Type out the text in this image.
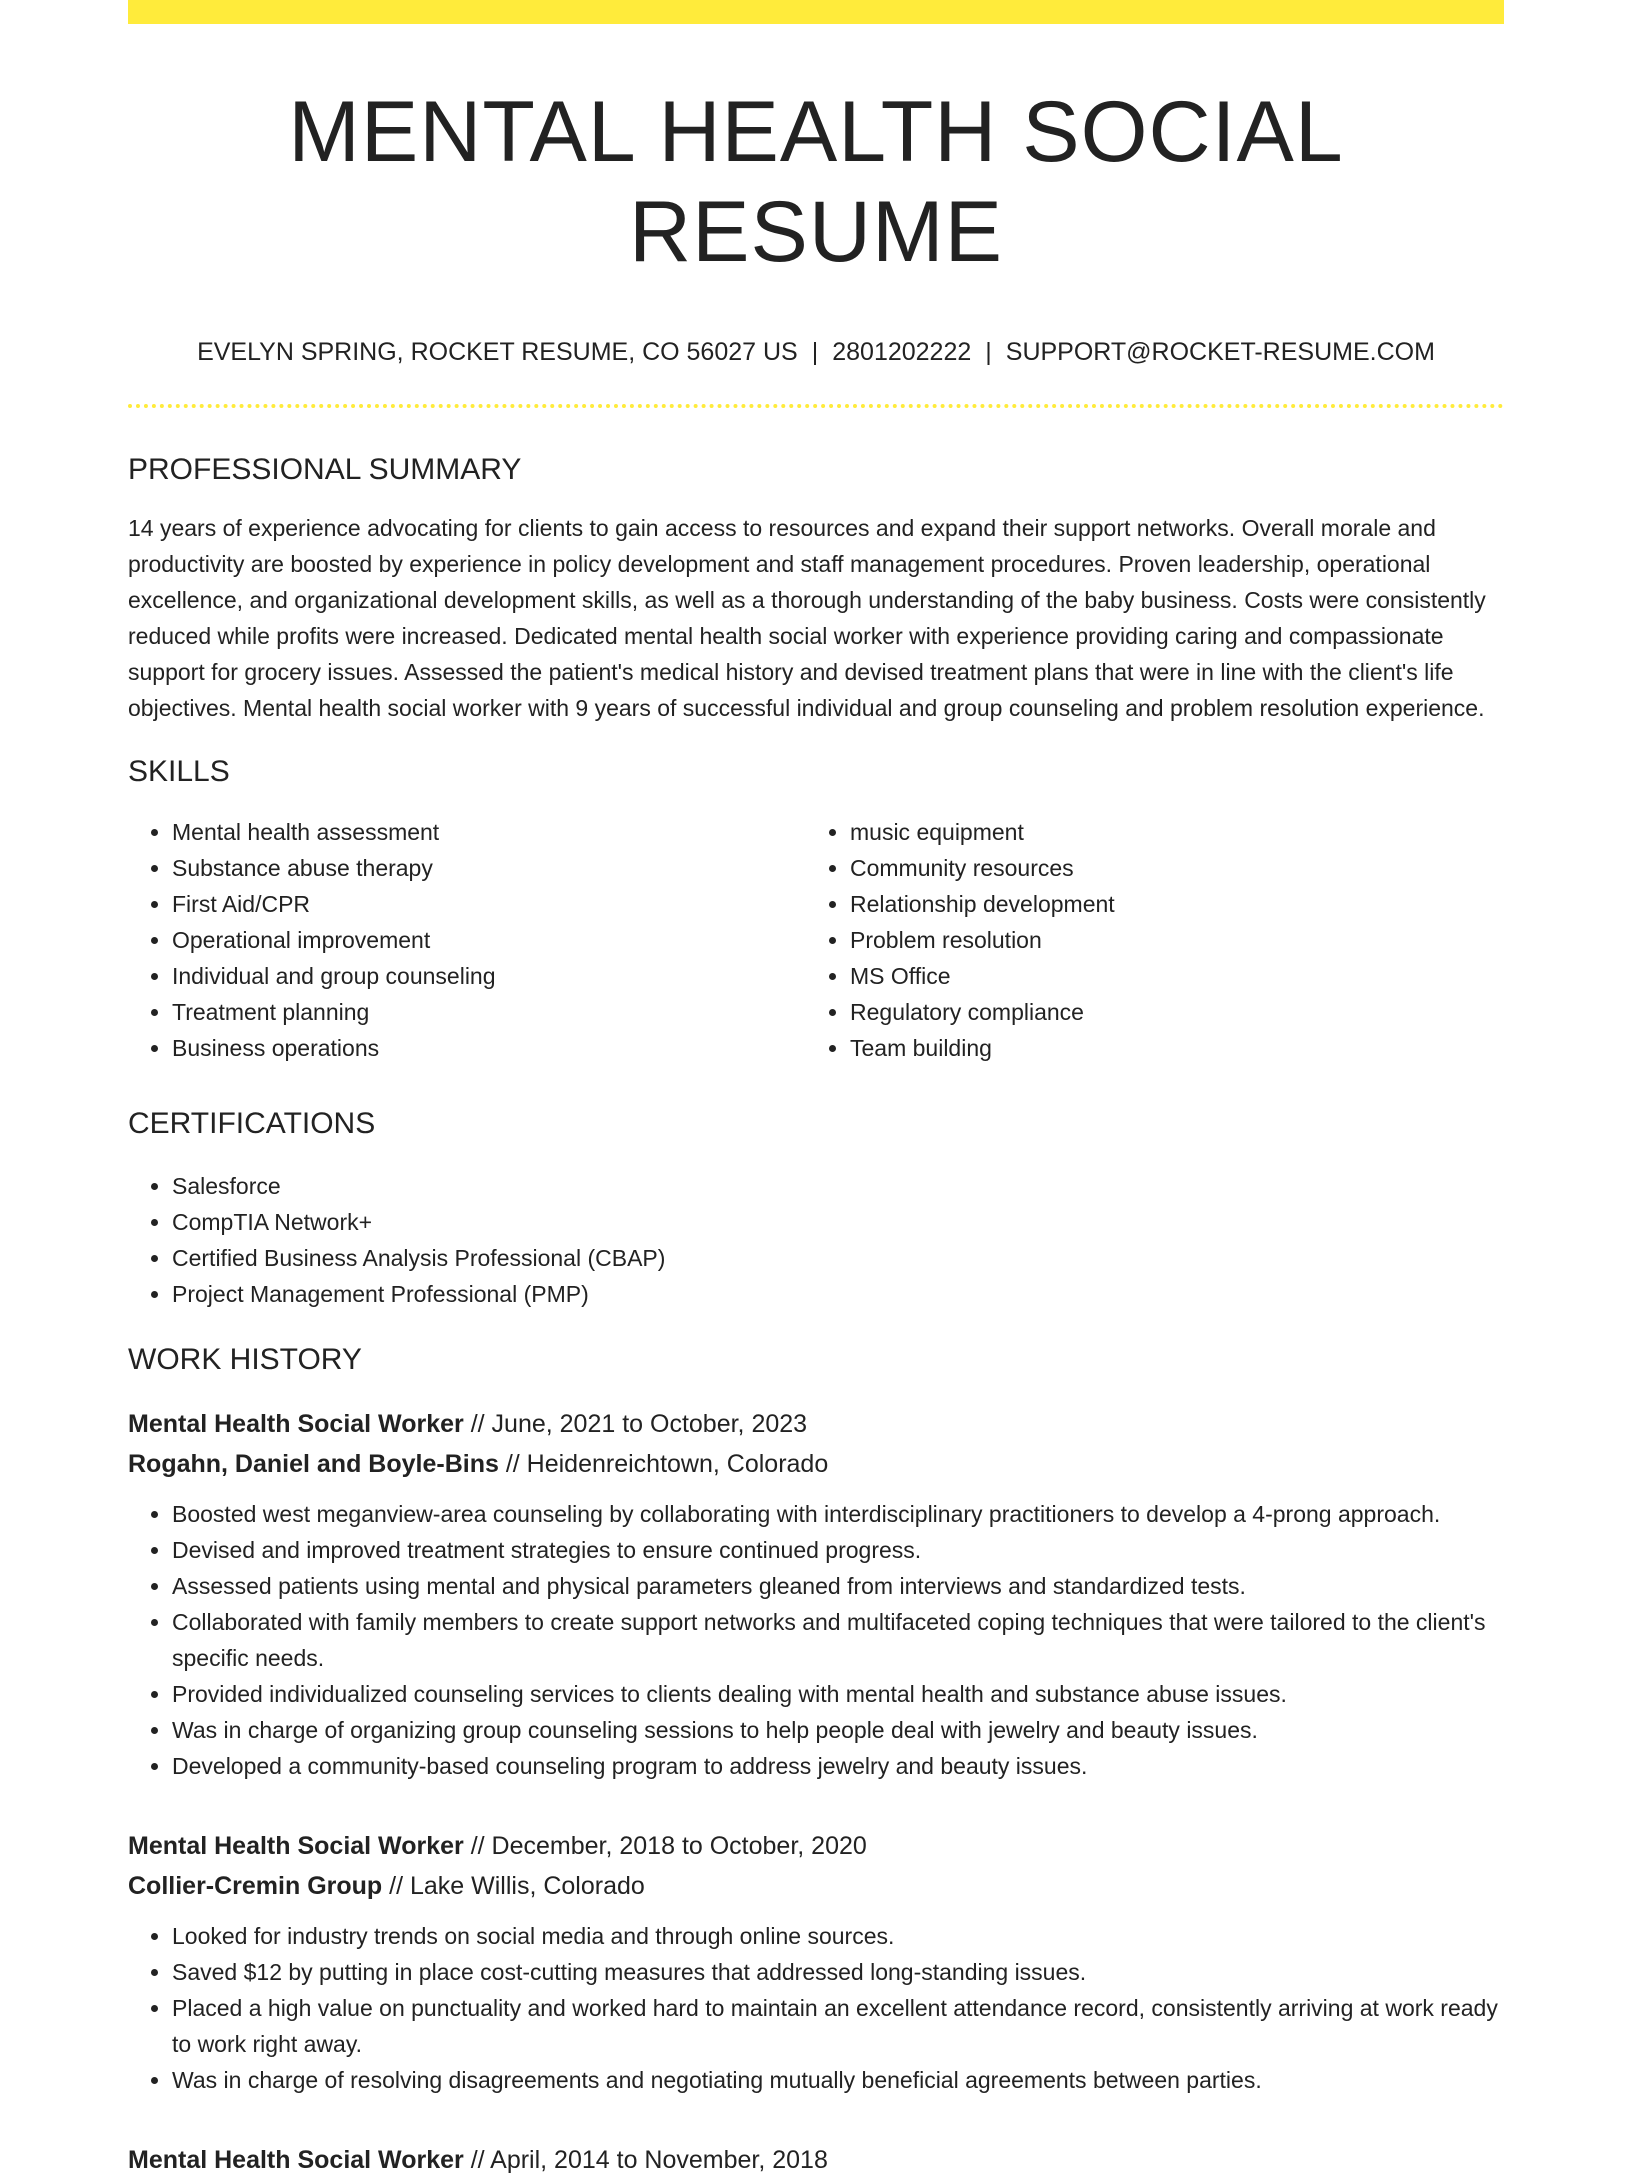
MENTAL HEALTH SOCIAL RESUME
EVELYN SPRING, ROCKET RESUME, CO 56027 US | 2801202222 | SUPPORT@ROCKET-RESUME.COM
PROFESSIONAL SUMMARY
14 years of experience advocating for clients to gain access to resources and expand their support networks. Overall morale and productivity are boosted by experience in policy development and staff management procedures. Proven leadership, operational excellence, and organizational development skills, as well as a thorough understanding of the baby business. Costs were consistently reduced while profits were increased. Dedicated mental health social worker with experience providing caring and compassionate support for grocery issues. Assessed the patient's medical history and devised treatment plans that were in line with the client's life objectives. Mental health social worker with 9 years of successful individual and group counseling and problem resolution experience.
SKILLS
• Mental health assessment
• Substance abuse therapy
• First Aid/CPR
• Operational improvement
• Individual and group counseling
• Treatment planning
• Business operations
• music equipment
• Community resources
• Relationship development
• Problem resolution
• MS Office
• Regulatory compliance
• Team building
CERTIFICATIONS
• Salesforce
• CompTIA Network+
• Certified Business Analysis Professional (CBAP)
• Project Management Professional (PMP)
WORK HISTORY
Mental Health Social Worker // June, 2021 to October, 2023
Rogahn, Daniel and Boyle-Bins // Heidenreichtown, Colorado
• Boosted west meganview-area counseling by collaborating with interdisciplinary practitioners to develop a 4-prong approach.
• Devised and improved treatment strategies to ensure continued progress.
• Assessed patients using mental and physical parameters gleaned from interviews and standardized tests.
• Collaborated with family members to create support networks and multifaceted coping techniques that were tailored to the client's specific needs.
• Provided individualized counseling services to clients dealing with mental health and substance abuse issues.
• Was in charge of organizing group counseling sessions to help people deal with jewelry and beauty issues.
• Developed a community-based counseling program to address jewelry and beauty issues.
Mental Health Social Worker // December, 2018 to October, 2020
Collier-Cremin Group // Lake Willis, Colorado
• Looked for industry trends on social media and through online sources.
• Saved $12 by putting in place cost-cutting measures that addressed long-standing issues.
• Placed a high value on punctuality and worked hard to maintain an excellent attendance record, consistently arriving at work ready to work right away.
• Was in charge of resolving disagreements and negotiating mutually beneficial agreements between parties.
Mental Health Social Worker // April, 2014 to November, 2018
